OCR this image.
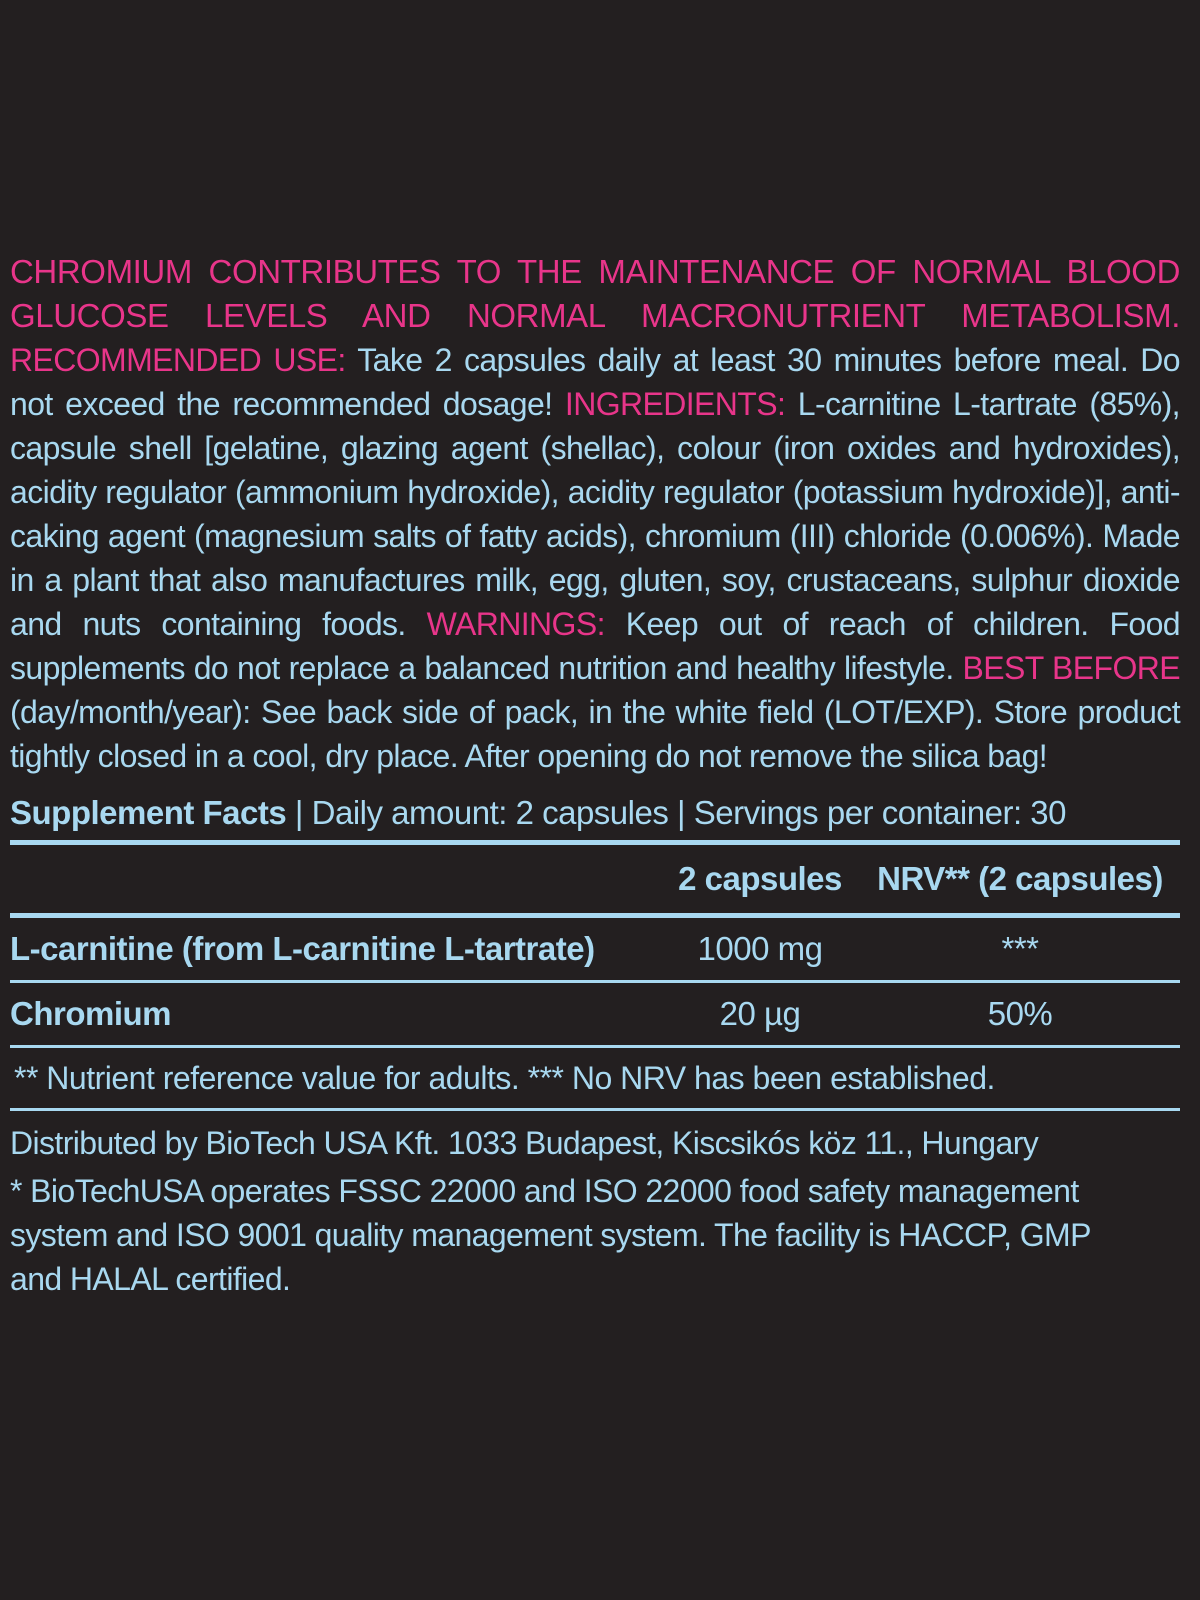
CHROMIUM CONTRIBUTES TO THE MAINTENANCE OF NORMAL BLOOD GLUCOSE LEVELS AND NORMAL MACRONUTRIENT METABOLISM.

RECOMMENDED USE: Take 2 capsules daily at least 30 minutes before meal. Do not exceed the recommended dosage! INGREDIENTS: L-carnitine L-tartrate (85%), capsule shell [gelatine, glazing agent (shellac), colour (iron oxides and hydroxides), acidity regulator (ammonium hydroxide), acidity regulator (potassium hydroxide)], anti-caking agent (magnesium salts of fatty acids), chromium (III) chloride (0.006%). Made in a plant that also manufactures milk, egg, gluten, soy, crustaceans, sulphur dioxide and nuts containing foods. WARNINGS: Keep out of reach of children. Food supplements do not replace a balanced nutrition and healthy lifestyle. BEST BEFORE (day/month/year): See back side of pack, in the white field (LOT/EXP). Store product tightly closed in a cool, dry place. After opening do not remove the silica bag!

Supplement Facts | Daily amount: 2 capsules | Servings per container: 30
	2 capsules	NRV** (2 capsules)
L-carnitine (from L-carnitine L-tartrate)	1000 mg	***
Chromium	20 µg	50%
** Nutrient reference value for adults. *** No NRV has been established.
Distributed by BioTech USA Kft. 1033 Budapest, Kiscsikós köz 11., Hungary
* BioTechUSA operates FSSC 22000 and ISO 22000 food safety management system and ISO 9001 quality management system. The facility is HACCP, GMP and HALAL certified.
